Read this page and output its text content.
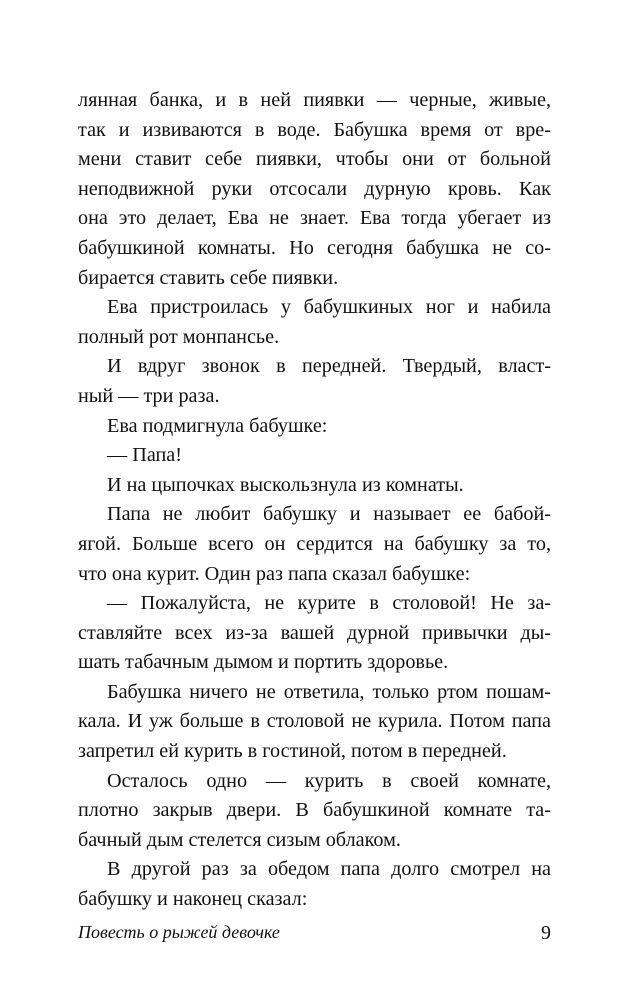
лянная банка, и в ней пиявки — черные, живые,
так и извиваются в воде. Бабушка время от вре-
мени ставит себе пиявки, чтобы они от больной
неподвижной руки отсосали дурную кровь. Как
она это делает, Ева не знает. Ева тогда убегает из
бабушкиной комнаты. Но сегодня бабушка не со-
бирается ставить себе пиявки.
Ева пристроилась у бабушкиных ног и набила
полный рот монпансье.
И вдруг звонок в передней. Твердый, власт-
ный — три раза.
Ева подмигнула бабушке:
— Папа!
И на цыпочках выскользнула из комнаты.
Папа не любит бабушку и называет ее бабой-
ягой. Больше всего он сердится на бабушку за то,
что она курит. Один раз папа сказал бабушке:
— Пожалуйста, не курите в столовой! Не за-
ставляйте всех из-за вашей дурной привычки ды-
шать табачным дымом и портить здоровье.
Бабушка ничего не ответила, только ртом пошам-
кала. И уж больше в столовой не курила. Потом папа
запретил ей курить в гостиной, потом в передней.
Осталось одно — курить в своей комнате,
плотно закрыв двери. В бабушкиной комнате та-
бачный дым стелется сизым облаком.
В другой раз за обедом папа долго смотрел на
бабушку и наконец сказал:
Повесть о рыжей девочке	9
